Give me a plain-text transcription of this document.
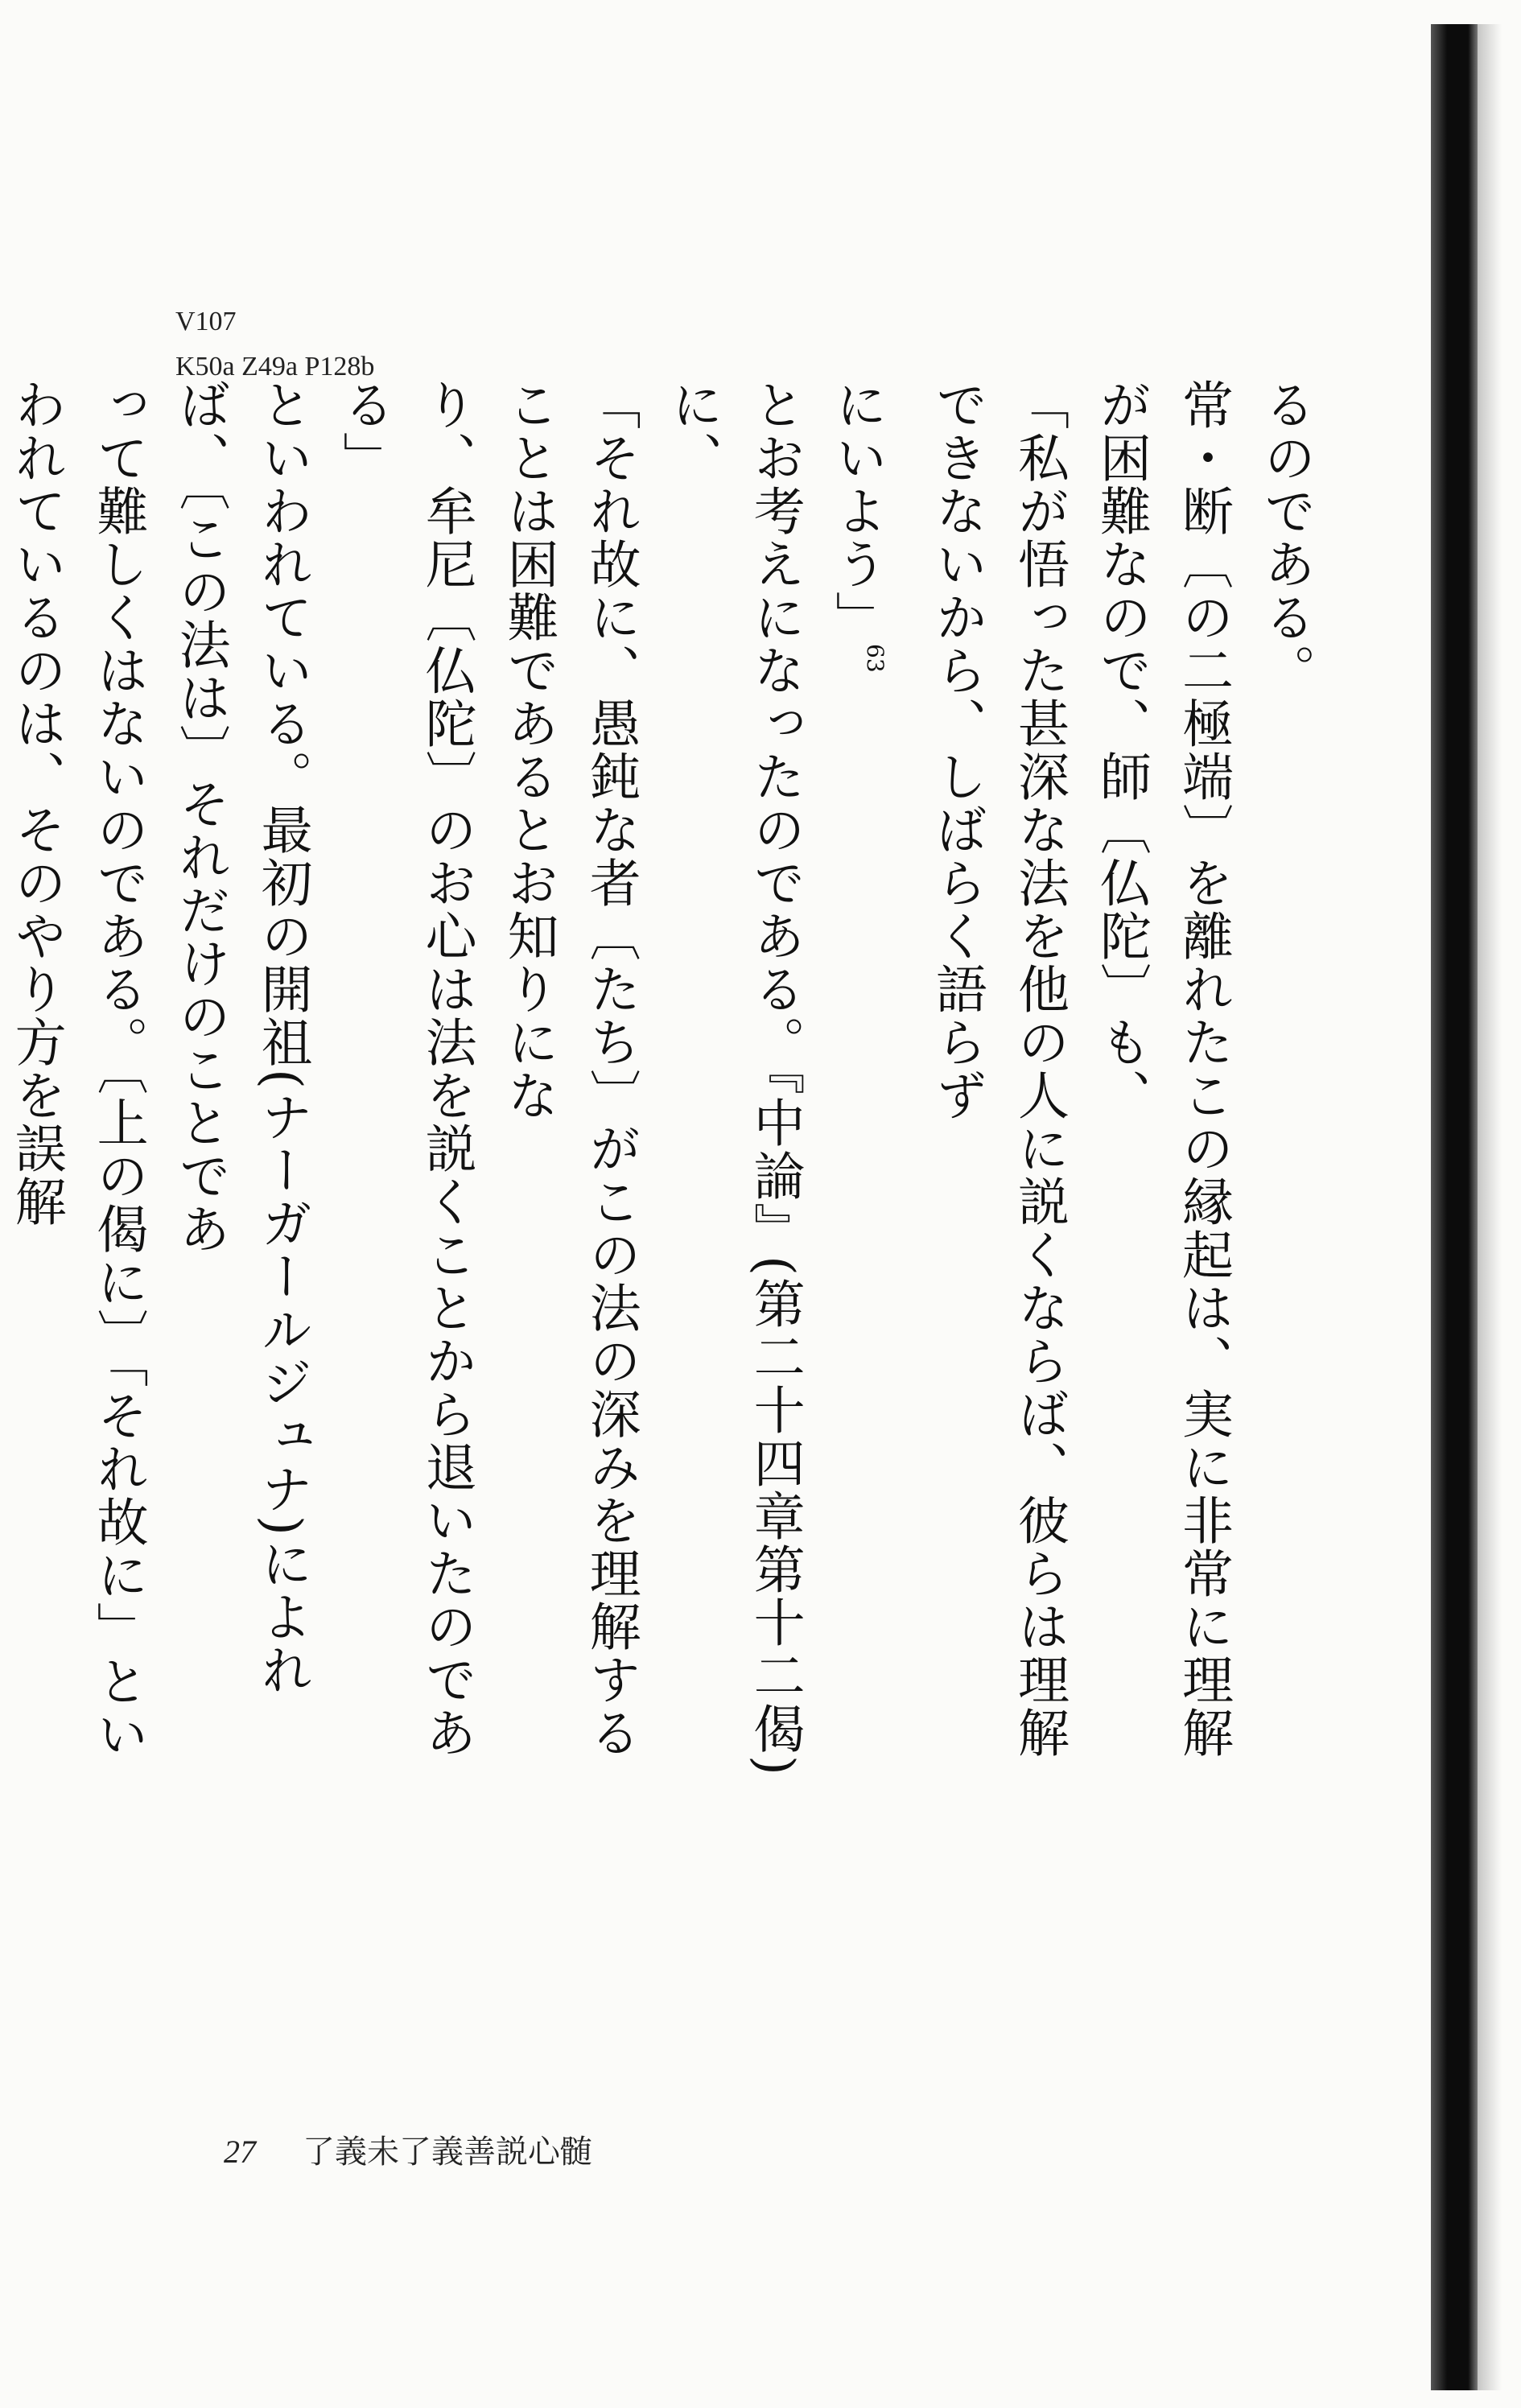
V107
K50a Z49a P128b

るのである。

常・断〔の二極端〕を離れたこの縁起は、実に非常に理解が困難なので、師〔仏陀〕も、

「私が悟った甚深な法を他の人に説くならば、彼らは理解できないから、しばらく語らず

にいよう」$^{63}$

とお考えになったのである。『中論』(第二十四章第十二偈)に、

「それ故に、愚鈍な者〔たち〕がこの法の深みを理解することは困難であるとお知りにな

り、牟尼〔仏陀〕のお心は法を説くことから退いたのである」

といわれている。最初の開祖(ナーガールジュナ)によれば、〔この法は〕それだけのことであ

って難しくはないのである。〔上の偈に〕「それ故に」といわれているのは、そのやり方を誤解

27 了義未了義善説心髄
